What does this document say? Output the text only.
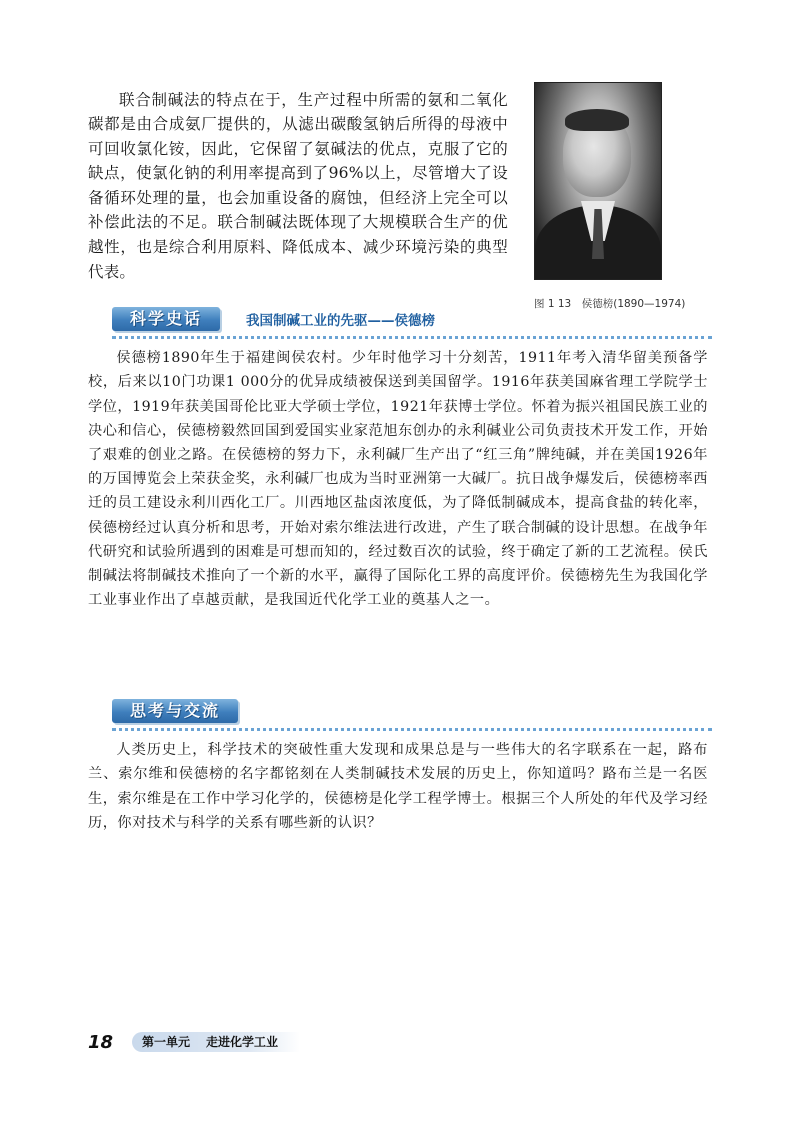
联合制碱法的特点在于，生产过程中所需的氨和二氧化碳都是由合成氨厂提供的，从滤出碳酸氢钠后所得的母液中可回收氯化铵，因此，它保留了氨碱法的优点，克服了它的缺点，使氯化钠的利用率提高到了96%以上，尽管增大了设备循环处理的量，也会加重设备的腐蚀，但经济上完全可以补偿此法的不足。联合制碱法既体现了大规模联合生产的优越性，也是综合利用原料、降低成本、减少环境污染的典型代表。

图 1 13　侯德榜(1890—1974)
科学史话	我国制碱工业的先驱——侯德榜

侯德榜1890年生于福建闽侯农村。少年时他学习十分刻苦，1911年考入清华留美预备学校，后来以10门功课1 000分的优异成绩被保送到美国留学。1916年获美国麻省理工学院学士学位，1919年获美国哥伦比亚大学硕士学位，1921年获博士学位。怀着为振兴祖国民族工业的决心和信心，侯德榜毅然回国到爱国实业家范旭东创办的永利碱业公司负责技术开发工作，开始了艰难的创业之路。在侯德榜的努力下，永利碱厂生产出了“红三角”牌纯碱，并在美国1926年的万国博览会上荣获金奖，永利碱厂也成为当时亚洲第一大碱厂。抗日战争爆发后，侯德榜率西迁的员工建设永利川西化工厂。川西地区盐卤浓度低，为了降低制碱成本，提高食盐的转化率，侯德榜经过认真分析和思考，开始对索尔维法进行改进，产生了联合制碱的设计思想。在战争年代研究和试验所遇到的困难是可想而知的，经过数百次的试验，终于确定了新的工艺流程。侯氏制碱法将制碱技术推向了一个新的水平，赢得了国际化工界的高度评价。侯德榜先生为我国化学工业事业作出了卓越贡献，是我国近代化学工业的奠基人之一。

思考与交流

人类历史上，科学技术的突破性重大发现和成果总是与一些伟大的名字联系在一起，路布兰、索尔维和侯德榜的名字都铭刻在人类制碱技术发展的历史上，你知道吗？路布兰是一名医生，索尔维是在工作中学习化学的，侯德榜是化学工程学博士。根据三个人所处的年代及学习经历，你对技术与科学的关系有哪些新的认识？

18	第一单元 走进化学工业
